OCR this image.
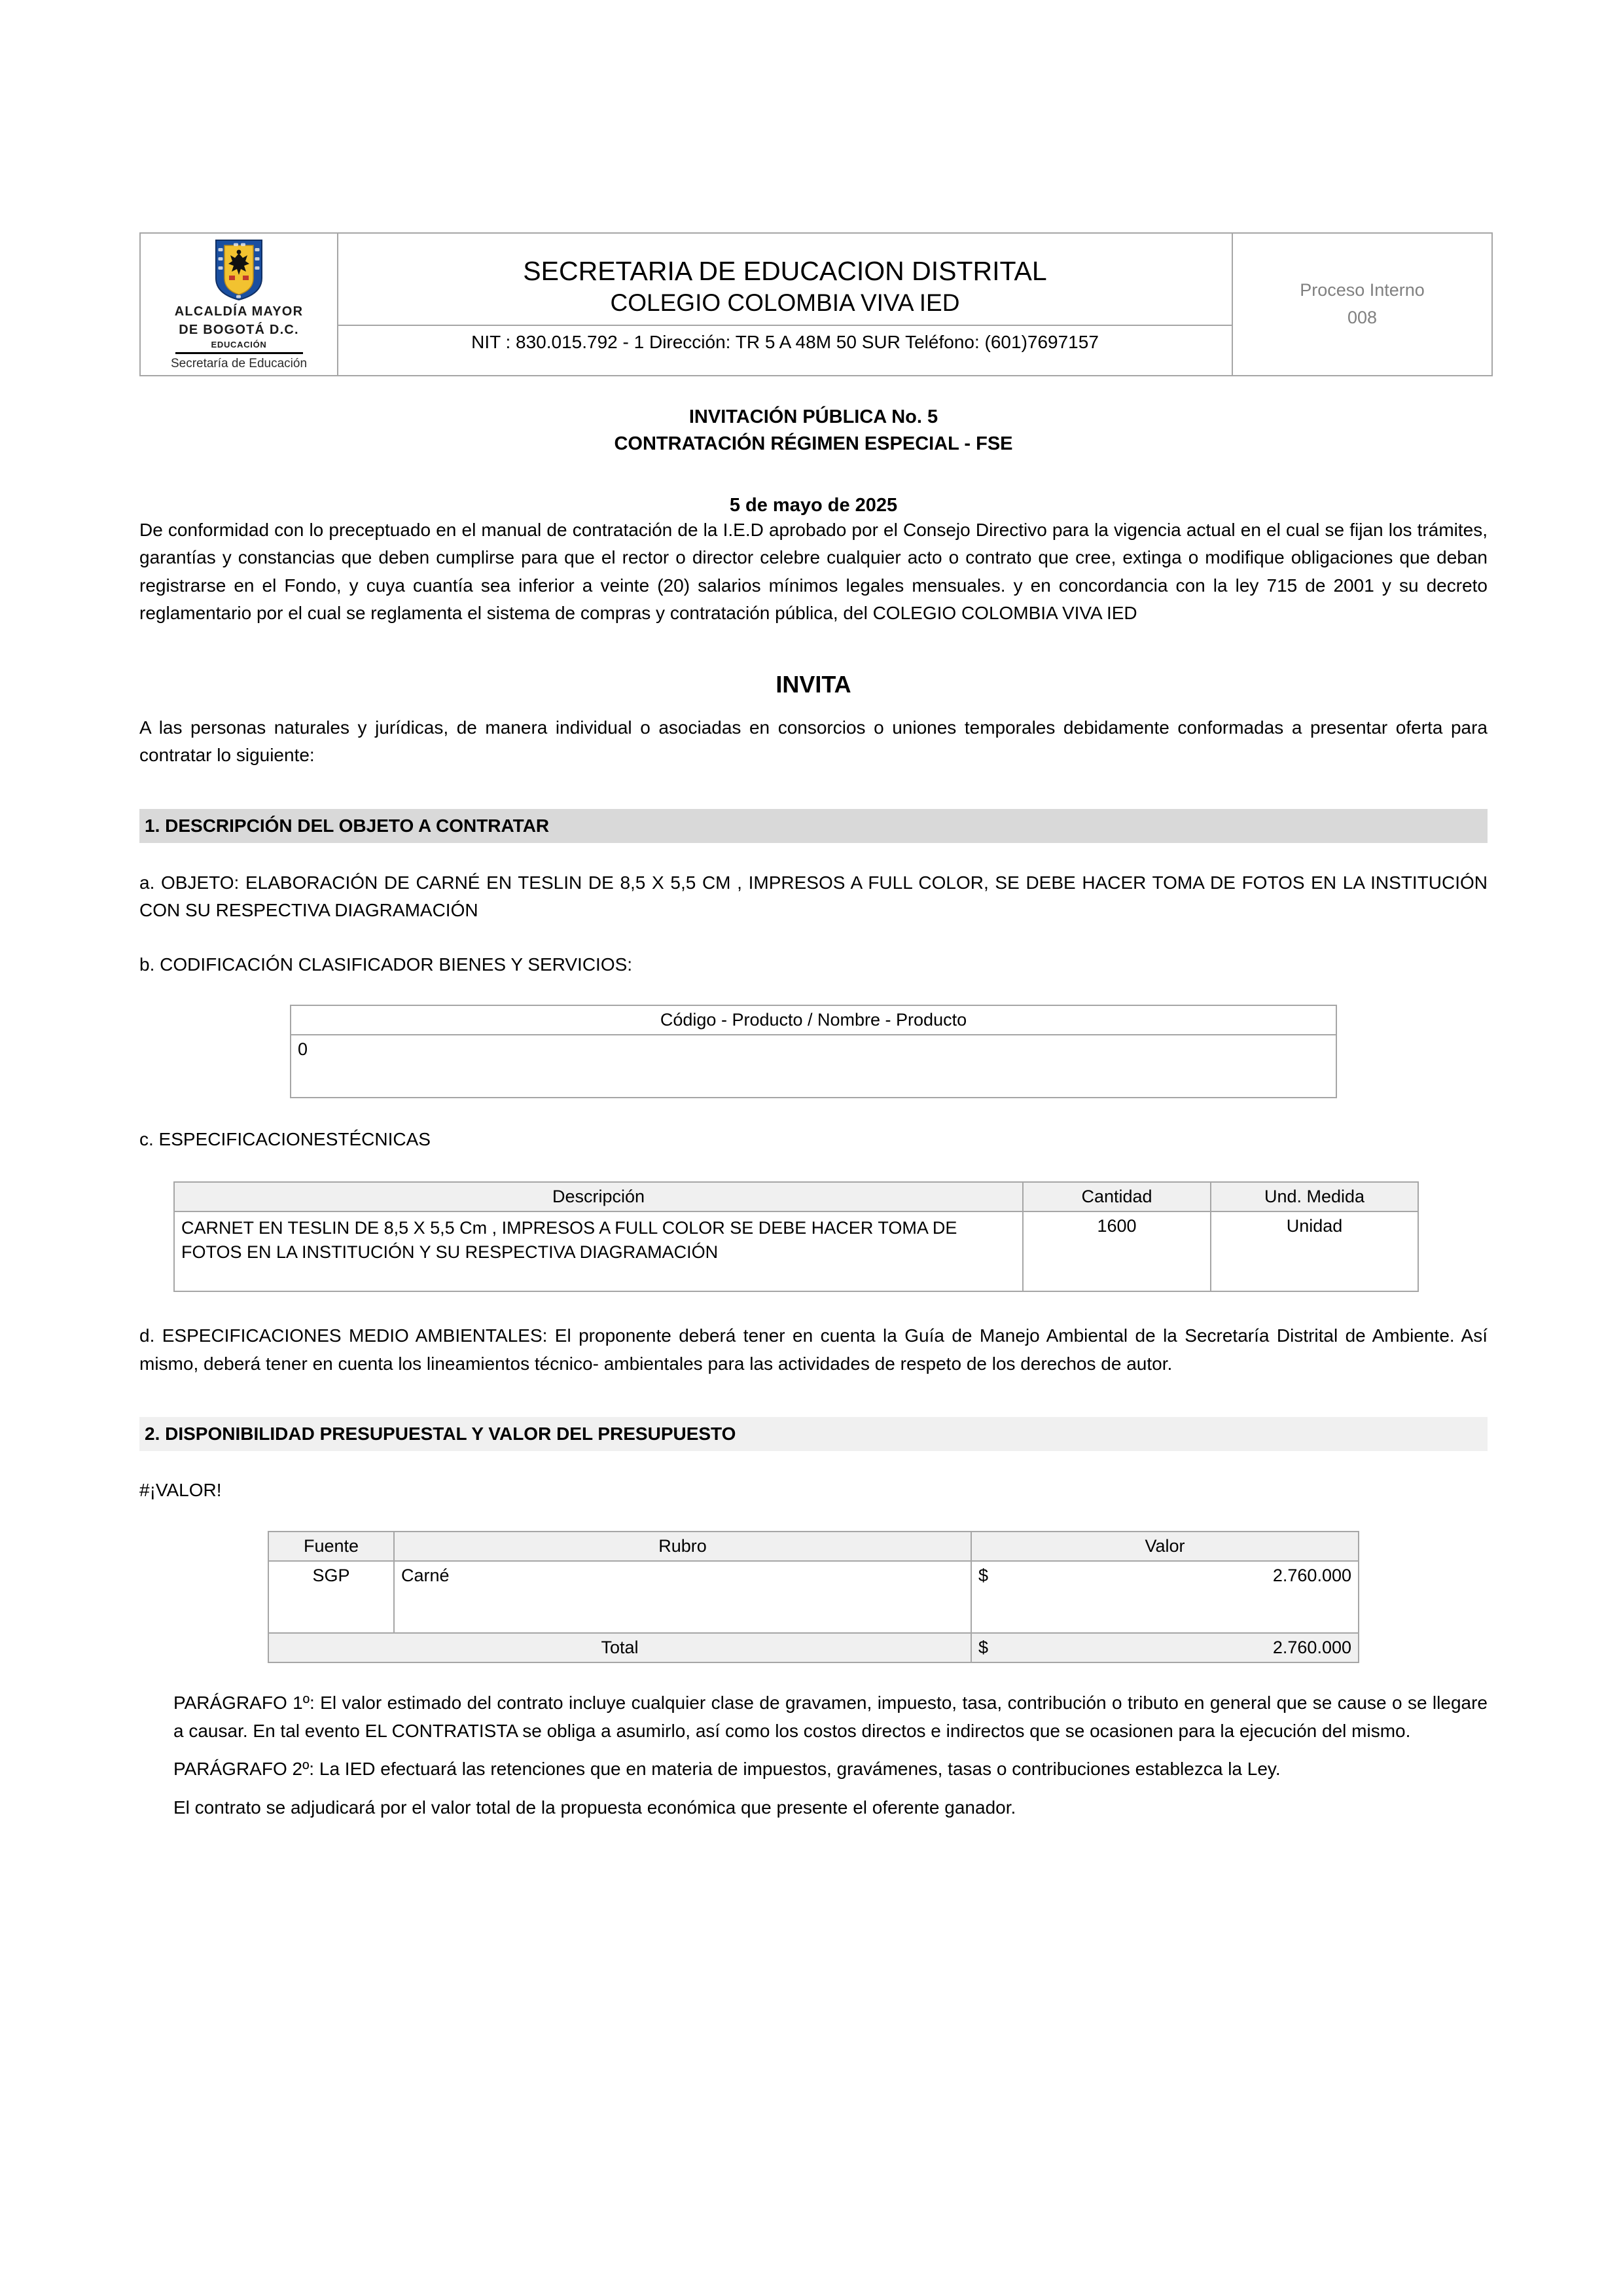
ALCALDÍA MAYOR
DE BOGOTÁ D.C.
EDUCACIÓN
Secretaría de Educación

SECRETARIA DE EDUCACION DISTRITAL
COLEGIO COLOMBIA VIVA IED
NIT : 830.015.792 - 1 Dirección: TR 5 A 48M 50 SUR Teléfono: (601)7697157

Proceso Interno
008
INVITACIÓN PÚBLICA No. 5
CONTRATACIÓN RÉGIMEN ESPECIAL - FSE
5 de mayo de 2025

De conformidad con lo preceptuado en el manual de contratación de la I.E.D aprobado por el Consejo Directivo para la vigencia actual en el cual se fijan los trámites, garantías y constancias que deben cumplirse para que el rector o director celebre cualquier acto o contrato que cree, extinga o modifique obligaciones que deban registrarse en el Fondo, y cuya cuantía sea inferior a veinte (20) salarios mínimos legales mensuales. y en concordancia con la ley 715 de 2001 y su decreto reglamentario por el cual se reglamenta el sistema de compras y contratación pública, del COLEGIO COLOMBIA VIVA IED

INVITA

A las personas naturales y jurídicas, de manera individual o asociadas en consorcios o uniones temporales debidamente conformadas a presentar oferta para contratar lo siguiente:

1. DESCRIPCIÓN DEL OBJETO A CONTRATAR

a. OBJETO: ELABORACIÓN DE CARNÉ EN TESLIN DE 8,5 X 5,5 CM , IMPRESOS A FULL COLOR, SE DEBE HACER TOMA DE FOTOS EN LA INSTITUCIÓN CON SU RESPECTIVA DIAGRAMACIÓN

b. CODIFICACIÓN CLASIFICADOR BIENES Y SERVICIOS:

Código - Producto / Nombre - Producto
0

c. ESPECIFICACIONESTÉCNICAS

Descripción	Cantidad	Und. Medida
CARNET EN TESLIN DE 8,5 X 5,5 Cm , IMPRESOS A FULL COLOR SE DEBE HACER TOMA DE FOTOS EN LA INSTITUCIÓN Y SU RESPECTIVA DIAGRAMACIÓN	1600	Unidad

d. ESPECIFICACIONES MEDIO AMBIENTALES: El proponente deberá tener en cuenta la Guía de Manejo Ambiental de la Secretaría Distrital de Ambiente. Así mismo, deberá tener en cuenta los lineamientos técnico- ambientales para las actividades de respeto de los derechos de autor.

2. DISPONIBILIDAD PRESUPUESTAL Y VALOR DEL PRESUPUESTO
#¡VALOR!
Fuente	Rubro	Valor
SGP	Carné	$ 2.760.000

Total		$ 2.760.000

PARÁGRAFO 1º: El valor estimado del contrato incluye cualquier clase de gravamen, impuesto, tasa, contribución o tributo en general que se cause o se llegare a causar. En tal evento EL CONTRATISTA se obliga a asumirlo, así como los costos directos e indirectos que se ocasionen para la ejecución del mismo.

PARÁGRAFO 2º: La IED efectuará las retenciones que en materia de impuestos, gravámenes, tasas o contribuciones establezca la Ley.

El contrato se adjudicará por el valor total de la propuesta económica que presente el oferente ganador.
